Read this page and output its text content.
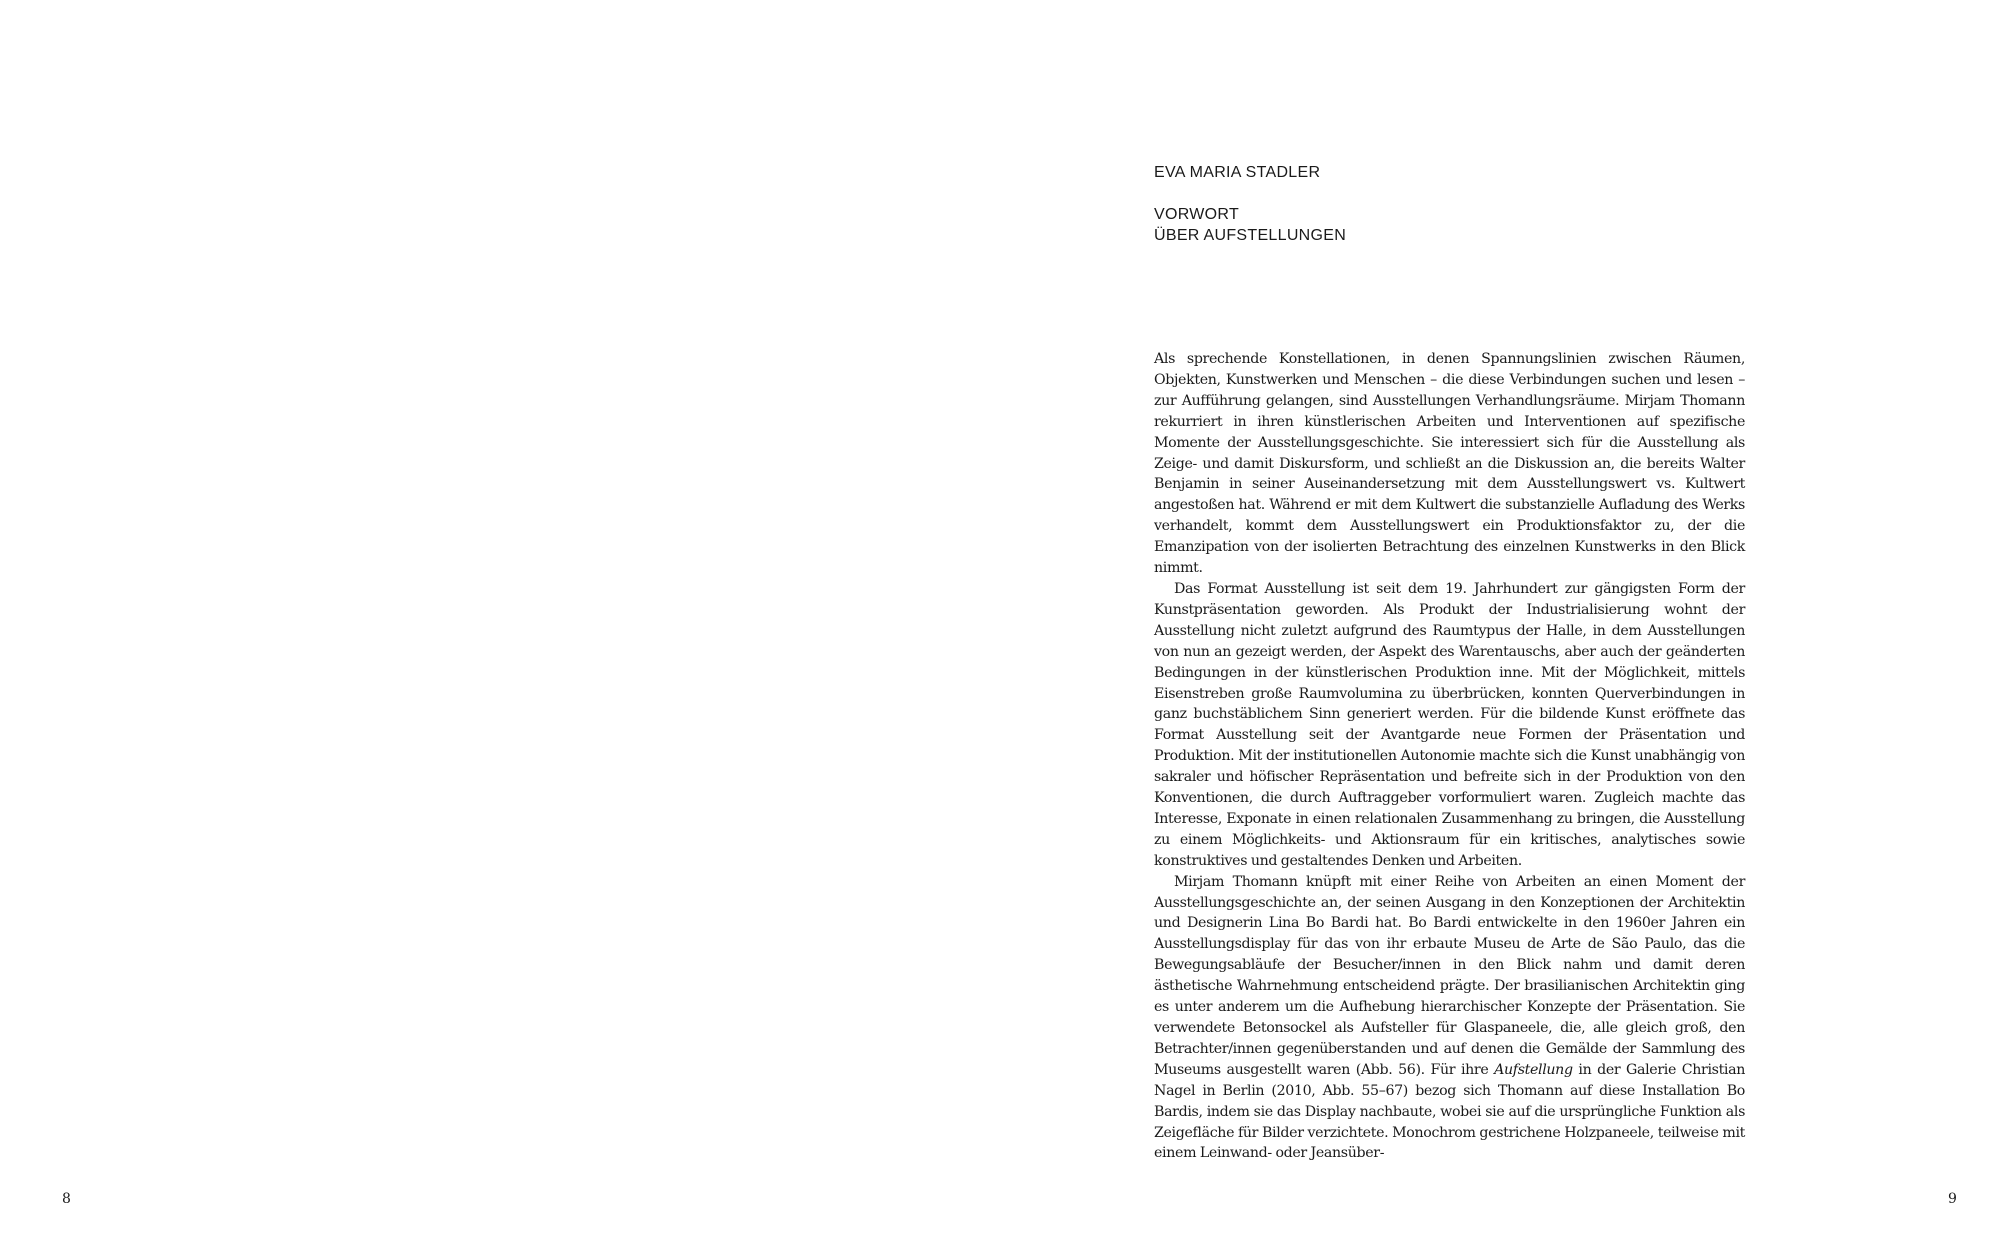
8
EVA MARIA STADLER
VORWORT
ÜBER AUFSTELLUNGEN

Als sprechende Konstellationen, in denen Spannungslinien zwischen Räumen, Objekten, Kunstwerken und Menschen – die diese Verbindungen suchen und lesen – zur Aufführung gelangen, sind Ausstellungen Verhandlungsräume. Mirjam Thomann rekurriert in ihren künstlerischen Arbeiten und Interventionen auf spezifische Momente der Ausstellungsgeschichte. Sie interessiert sich für die Ausstellung als Zeige- und damit Diskursform, und schließt an die Diskussion an, die bereits Walter Benjamin in seiner Auseinandersetzung mit dem Ausstellungswert vs. Kultwert angestoßen hat. Während er mit dem Kultwert die substanzielle Aufladung des Werks verhandelt, kommt dem Ausstellungswert ein Produktionsfaktor zu, der die Emanzipation von der isolierten Betrachtung des einzelnen Kunstwerks in den Blick nimmt.

Das Format Ausstellung ist seit dem 19. Jahrhundert zur gängigsten Form der Kunstpräsentation geworden. Als Produkt der Industrialisierung wohnt der Ausstellung nicht zuletzt aufgrund des Raumtypus der Halle, in dem Ausstellungen von nun an gezeigt werden, der Aspekt des Warentauschs, aber auch der geänderten Bedingungen in der künstlerischen Produktion inne. Mit der Möglichkeit, mittels Eisenstreben große Raumvolumina zu überbrücken, konnten Querverbindungen in ganz buchstäblichem Sinn generiert werden. Für die bildende Kunst eröffnete das Format Ausstellung seit der Avantgarde neue Formen der Präsentation und Produktion. Mit der institutionellen Autonomie machte sich die Kunst unabhängig von sakraler und höfischer Repräsentation und befreite sich in der Produktion von den Konventionen, die durch Auftraggeber vorformuliert waren. Zugleich machte das Interesse, Exponate in einen relationalen Zusammenhang zu bringen, die Ausstellung zu einem Möglichkeits- und Aktionsraum für ein kritisches, analytisches sowie konstruktives und gestaltendes Denken und Arbeiten.

Mirjam Thomann knüpft mit einer Reihe von Arbeiten an einen Moment der Ausstellungsgeschichte an, der seinen Ausgang in den Konzeptionen der Architektin und Designerin Lina Bo Bardi hat. Bo Bardi entwickelte in den 1960er Jahren ein Ausstellungsdisplay für das von ihr erbaute Museu de Arte de São Paulo, das die Bewegungsabläufe der Besucher/innen in den Blick nahm und damit deren ästhetische Wahrnehmung entscheidend prägte. Der brasilianischen Architektin ging es unter anderem um die Aufhebung hierarchischer Konzepte der Präsentation. Sie verwendete Betonsockel als Aufsteller für Glaspaneele, die, alle gleich groß, den Betrachter/innen gegenüberstanden und auf denen die Gemälde der Sammlung des Museums ausgestellt waren (Abb. 56). Für ihre Aufstellung in der Galerie Christian Nagel in Berlin (2010, Abb. 55–67) bezog sich Thomann auf diese Installation Bo Bardis, indem sie das Display nachbaute, wobei sie auf die ursprüngliche Funktion als Zeigefläche für Bilder verzichtete. Monochrom gestrichene Holzpaneele, teilweise mit einem Leinwand- oder Jeansüber-

9
